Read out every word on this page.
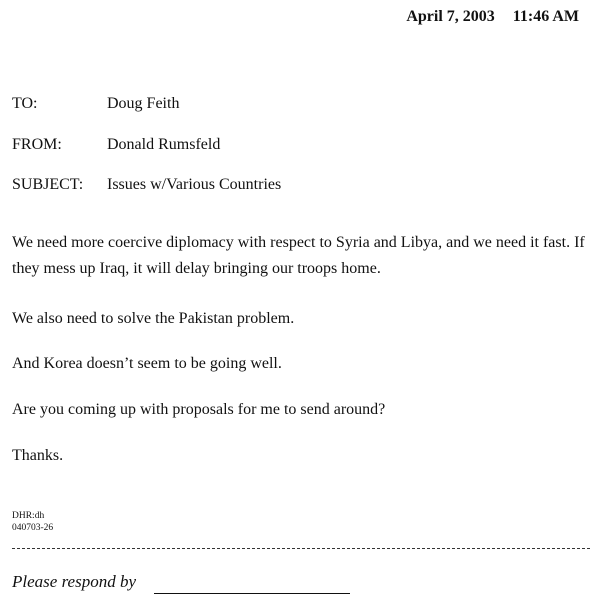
April 7, 2003 11:46 AM
TO:	Doug Feith
FROM:	Donald Rumsfeld
SUBJECT: Issues w/Various Countries

We need more coercive diplomacy with respect to Syria and Libya, and we need it fast. If they mess up Iraq, it will delay bringing our troops home.

We also need to solve the Pakistan problem.

And Korea doesn’t seem to be going well.

Are you coming up with proposals for me to send around?

Thanks.

DHR:dh
040703-26
Please respond by
